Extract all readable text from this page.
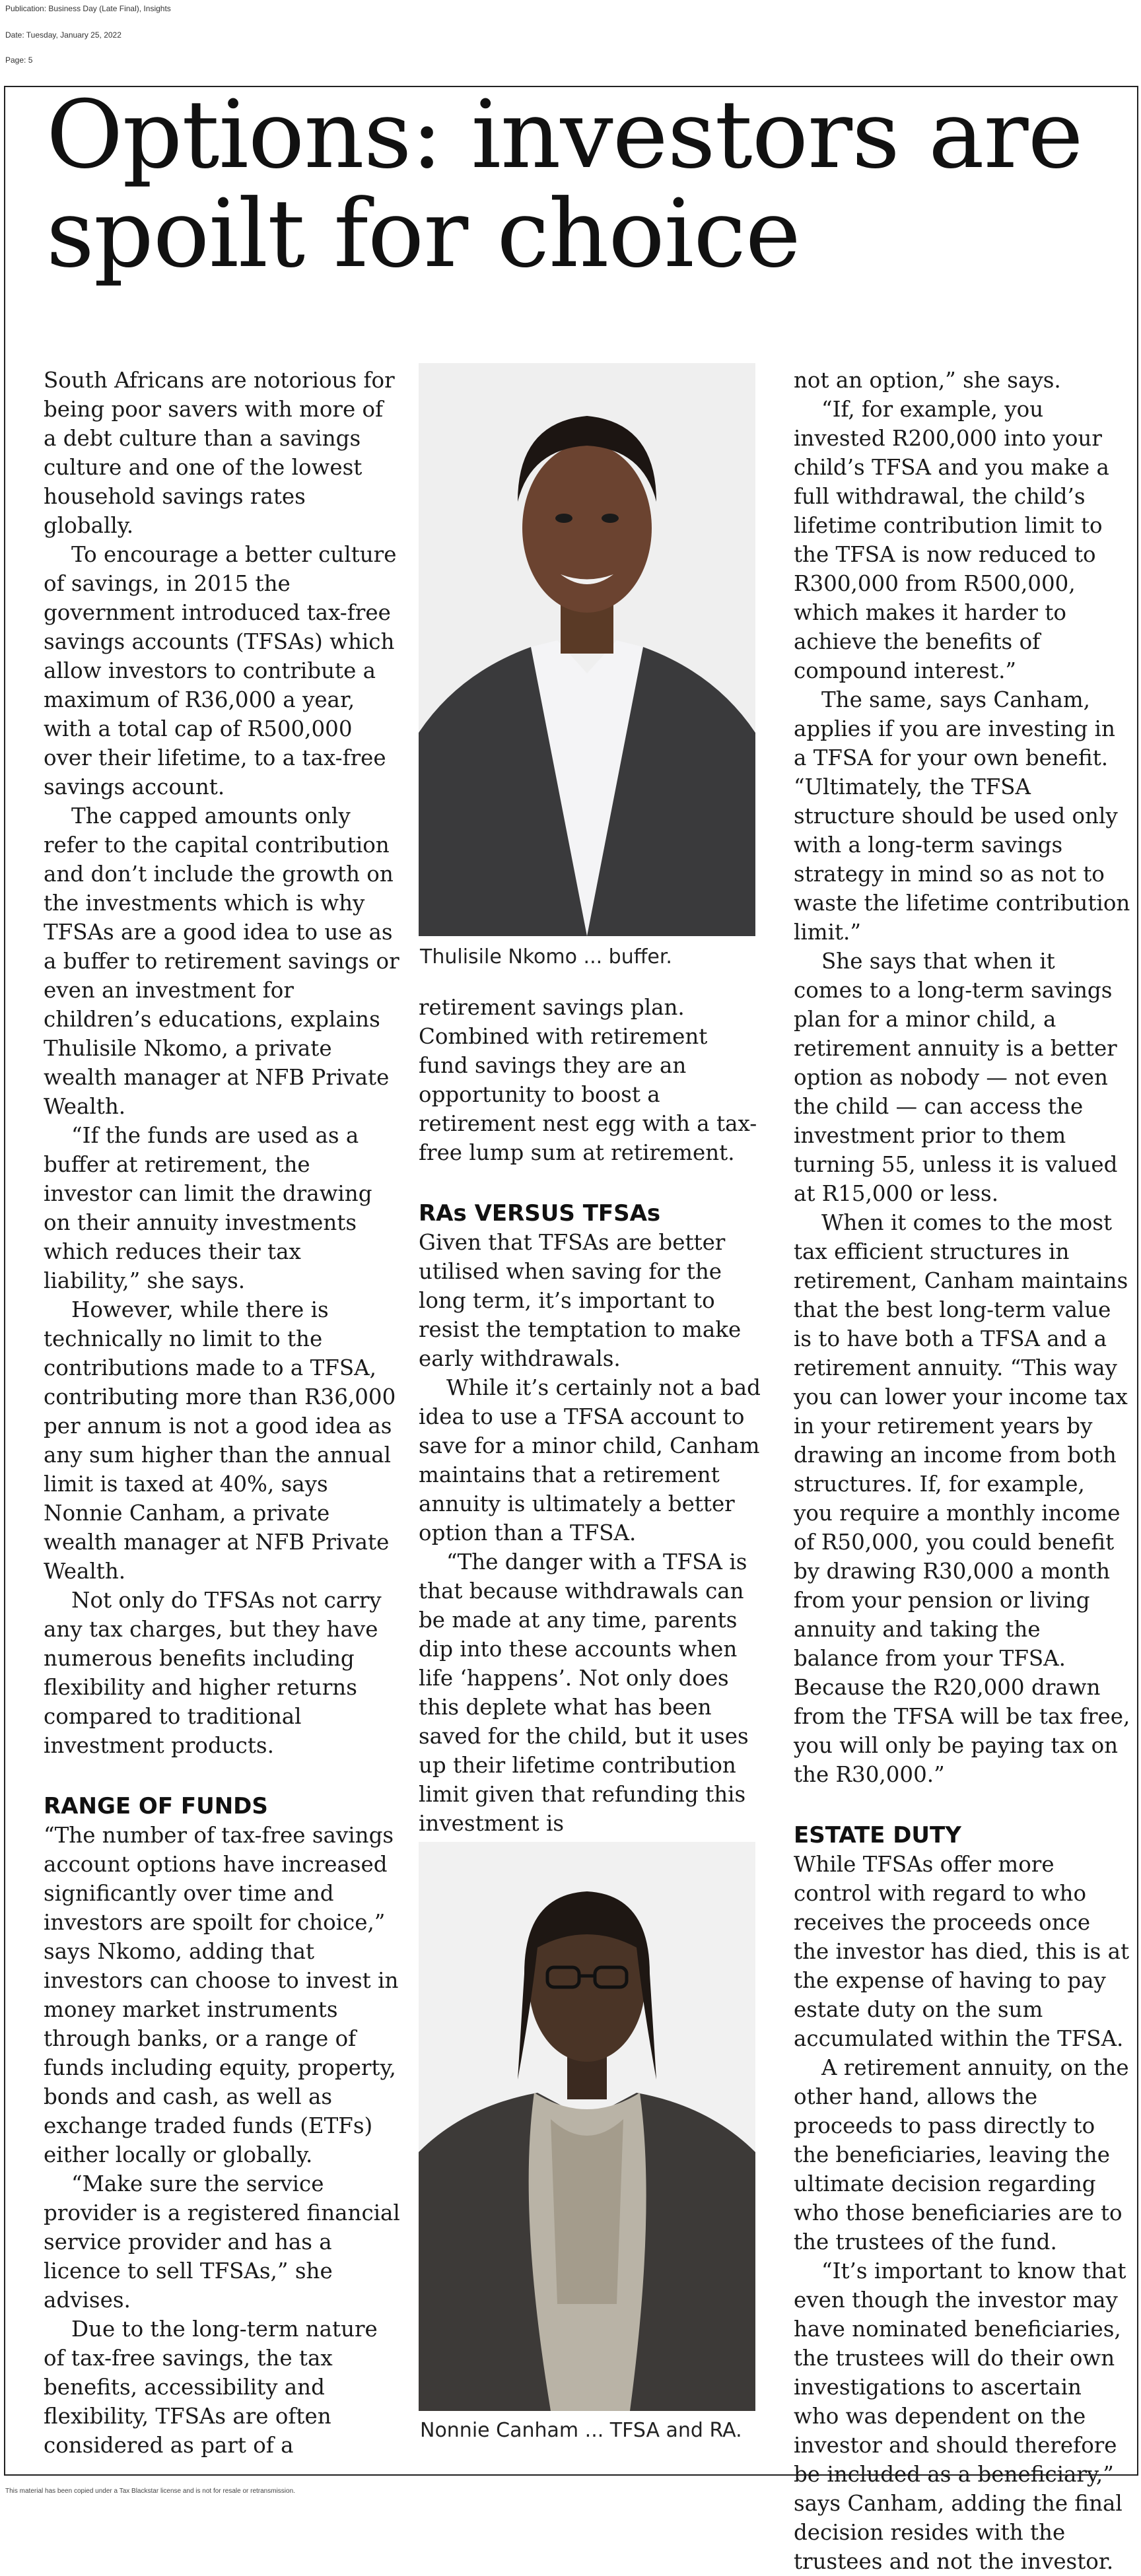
Publication: Business Day (Late Final), Insights

Date: Tuesday, January 25, 2022

Page: 5

Options: investors are
spoilt for choice

South Africans are notorious for being poor savers with more of a debt culture than a savings culture and one of the lowest household savings rates globally.

To encourage a better culture of savings, in 2015 the government introduced tax-free savings accounts (TFSAs) which allow investors to contribute a maximum of R36,000 a year, with a total cap of R500,000 over their lifetime, to a tax-free savings account.

The capped amounts only refer to the capital contribution and don’t include the growth on the investments which is why TFSAs are a good idea to use as a buffer to retirement savings or even an investment for children’s educations, explains Thulisile Nkomo, a private wealth manager at NFB Private Wealth.

“If the funds are used as a buffer at retirement, the investor can limit the drawing on their annuity investments which reduces their tax liability,” she says.

However, while there is technically no limit to the contributions made to a TFSA, contributing more than R36,000 per annum is not a good idea as any sum higher than the annual limit is taxed at 40%, says Nonnie Canham, a private wealth manager at NFB Private Wealth.

Not only do TFSAs not carry any tax charges, but they have numerous benefits including flexibility and higher returns compared to traditional investment products.

RANGE OF FUNDS

“The number of tax-free savings account options have increased significantly over time and investors are spoilt for choice,” says Nkomo, adding that investors can choose to invest in money market instruments through banks, or a range of funds including equity, property, bonds and cash, as well as exchange traded funds (ETFs) either locally or globally.

“Make sure the service provider is a registered financial service provider and has a licence to sell TFSAs,” she advises.

Due to the long-term nature of tax-free savings, the tax benefits, accessibility and flexibility, TFSAs are often considered as part of a

Thulisile Nkomo ... buffer.

retirement savings plan. Combined with retirement fund savings they are an opportunity to boost a retirement nest egg with a tax-free lump sum at retirement.

RAs VERSUS TFSAs

Given that TFSAs are better utilised when saving for the long term, it’s important to resist the temptation to make early withdrawals.

While it’s certainly not a bad idea to use a TFSA account to save for a minor child, Canham maintains that a retirement annuity is ultimately a better option than a TFSA.

“The danger with a TFSA is that because withdrawals can be made at any time, parents dip into these accounts when life ‘happens’. Not only does this deplete what has been saved for the child, but it uses up their lifetime contribution limit given that refunding this investment is

Nonnie Canham ... TFSA and RA.

not an option,” she says.

“If, for example, you invested R200,000 into your child’s TFSA and you make a full withdrawal, the child’s lifetime contribution limit to the TFSA is now reduced to R300,000 from R500,000, which makes it harder to achieve the benefits of compound interest.”

The same, says Canham, applies if you are investing in a TFSA for your own benefit. “Ultimately, the TFSA structure should be used only with a long-term savings strategy in mind so as not to waste the lifetime contribution limit.”

She says that when it comes to a long-term savings plan for a minor child, a retirement annuity is a better option as nobody — not even the child — can access the investment prior to them turning 55, unless it is valued at R15,000 or less.

When it comes to the most tax efficient structures in retirement, Canham maintains that the best long-term value is to have both a TFSA and a retirement annuity. “This way you can lower your income tax in your retirement years by drawing an income from both structures. If, for example, you require a monthly income of R50,000, you could benefit by drawing R30,000 a month from your pension or living annuity and taking the balance from your TFSA. Because the R20,000 drawn from the TFSA will be tax free, you will only be paying tax on the R30,000.”

ESTATE DUTY

While TFSAs offer more control with regard to who receives the proceeds once the investor has died, this is at the expense of having to pay estate duty on the sum accumulated within the TFSA.

A retirement annuity, on the other hand, allows the proceeds to pass directly to the beneficiaries, leaving the ultimate decision regarding who those beneficiaries are to the trustees of the fund.

“It’s important to know that even though the investor may have nominated beneficiaries, the trustees will do their own investigations to ascertain who was dependent on the investor and should therefore be included as a beneficiary,” says Canham, adding the final decision resides with the trustees and not the investor.

This material has been copied under a Tax Blackstar license and is not for resale or retransmission.
